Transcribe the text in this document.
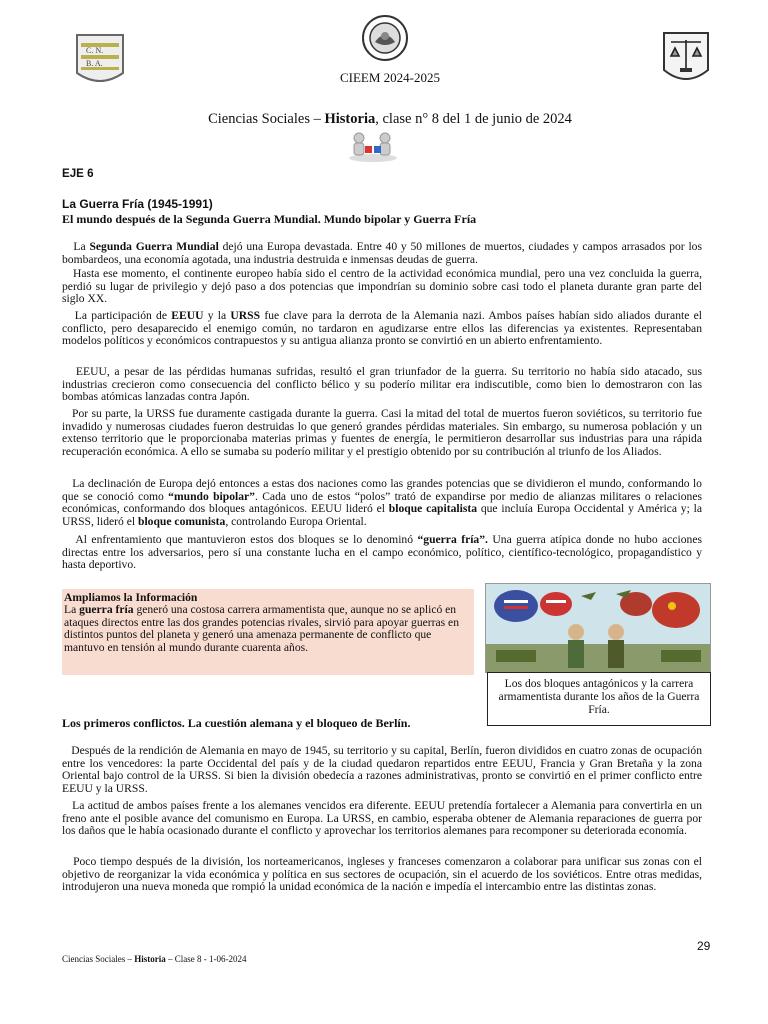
C. N.
B. A.
CIEEM 2024-2025
Ciencias Sociales – Historia, clase n° 8 del 1 de junio de 2024
EJE 6
La Guerra Fría (1945-1991)
El mundo después de la Segunda Guerra Mundial. Mundo bipolar y Guerra Fría

La Segunda Guerra Mundial dejó una Europa devastada. Entre 40 y 50 millones de muertos, ciudades y campos arrasados por los bombardeos, una economía agotada, una industria destruida e inmensas deudas de guerra.

Hasta ese momento, el continente europeo había sido el centro de la actividad económica mundial, pero una vez concluida la guerra, perdió su lugar de privilegio y dejó paso a dos potencias que impondrían su dominio sobre casi todo el planeta durante gran parte del siglo XX.

La participación de EEUU y la URSS fue clave para la derrota de la Alemania nazi. Ambos países habían sido aliados durante el conflicto, pero desaparecido el enemigo común, no tardaron en agudizarse entre ellos las diferencias ya existentes. Representaban modelos políticos y económicos contrapuestos y su antigua alianza pronto se convirtió en un abierto enfrentamiento.

EEUU, a pesar de las pérdidas humanas sufridas, resultó el gran triunfador de la guerra. Su territorio no había sido atacado, sus industrias crecieron como consecuencia del conflicto bélico y su poderío militar era indiscutible, como bien lo demostraron con las bombas atómicas lanzadas contra Japón.

Por su parte, la URSS fue duramente castigada durante la guerra. Casi la mitad del total de muertos fueron soviéticos, su territorio fue invadido y numerosas ciudades fueron destruidas lo que generó grandes pérdidas materiales. Sin embargo, su numerosa población y un extenso territorio que le proporcionaba materias primas y fuentes de energía, le permitieron desarrollar sus industrias para una rápida recuperación económica. A ello se sumaba su poderío militar y el prestigio obtenido por su contribución al triunfo de los Aliados.

La declinación de Europa dejó entonces a estas dos naciones como las grandes potencias que se dividieron el mundo, conformando lo que se conoció como “mundo bipolar”. Cada uno de estos “polos” trató de expandirse por medio de alianzas militares o relaciones económicas, conformando dos bloques antagónicos. EEUU lideró el bloque capitalista que incluía Europa Occidental y América y; la URSS, lideró el bloque comunista, controlando Europa Oriental.

Al enfrentamiento que mantuvieron estos dos bloques se lo denominó “guerra fría”. Una guerra atípica donde no hubo acciones directas entre los adversarios, pero sí una constante lucha en el campo económico, político, científico-tecnológico, propagandístico y hasta deportivo.

Ampliamos la Información

La guerra fría generó una costosa carrera armamentista que, aunque no se aplicó en ataques directos entre las dos grandes potencias rivales, sirvió para apoyar guerras en distintos puntos del planeta y generó una amenaza permanente de conflicto que mantuvo en tensión al mundo durante cuarenta años.

Los dos bloques antagónicos y la carrera armamentista durante los años de la Guerra Fría.
Los primeros conflictos. La cuestión alemana y el bloqueo de Berlín.

Después de la rendición de Alemania en mayo de 1945, su territorio y su capital, Berlín, fueron divididos en cuatro zonas de ocupación entre los vencedores: la parte Occidental del país y de la ciudad quedaron repartidos entre EEUU, Francia y Gran Bretaña y la zona Oriental bajo control de la URSS. Si bien la división obedecía a razones administrativas, pronto se convirtió en el primer conflicto entre EEUU y la URSS.

La actitud de ambos países frente a los alemanes vencidos era diferente. EEUU pretendía fortalecer a Alemania para convertirla en un freno ante el posible avance del comunismo en Europa. La URSS, en cambio, esperaba obtener de Alemania reparaciones de guerra por los daños que le había ocasionado durante el conflicto y aprovechar los territorios alemanes para recomponer su deteriorada economía.

Poco tiempo después de la división, los norteamericanos, ingleses y franceses comenzaron a colaborar para unificar sus zonas con el objetivo de reorganizar la vida económica y política en sus sectores de ocupación, sin el acuerdo de los soviéticos. Entre otras medidas, introdujeron una nueva moneda que rompió la unidad económica de la nación e impedía el intercambio entre las distintas zonas.

29
Ciencias Sociales – Historia – Clase 8 - 1-06-2024
